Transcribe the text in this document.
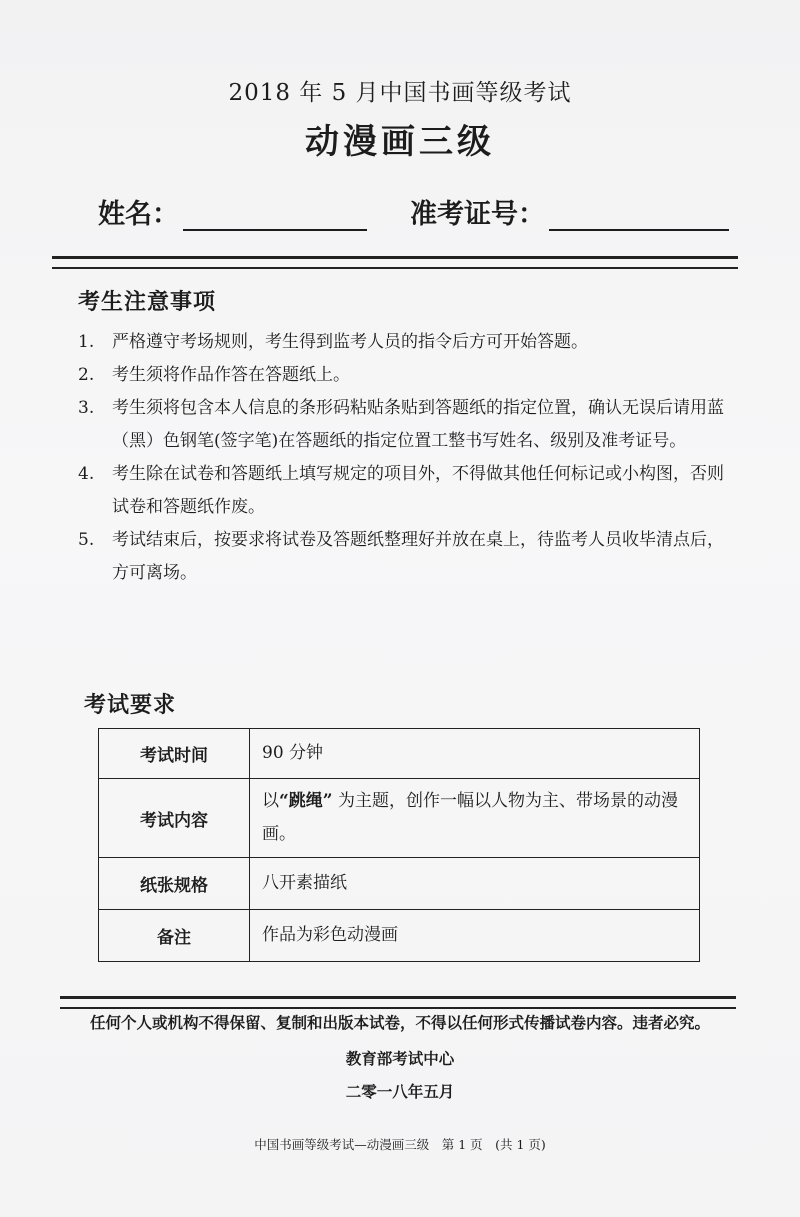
2018 年 5 月中国书画等级考试
动漫画三级
姓名：	准考证号：
考生注意事项
1.	严格遵守考场规则，考生得到监考人员的指令后方可开始答题。
2.	考生须将作品作答在答题纸上。
3.	考生须将包含本人信息的条形码粘贴条贴到答题纸的指定位置，确认无误后请用蓝（黑）色钢笔(签字笔)在答题纸的指定位置工整书写姓名、级别及准考证号。
4.	考生除在试卷和答题纸上填写规定的项目外，不得做其他任何标记或小构图，否则试卷和答题纸作废。
5.	考试结束后，按要求将试卷及答题纸整理好并放在桌上，待监考人员收毕清点后，方可离场。
考试要求
考试时间	90 分钟
考试内容	以“跳绳” 为主题，创作一幅以人物为主、带场景的动漫画。
纸张规格	八开素描纸
备注	作品为彩色动漫画
任何个人或机构不得保留、复制和出版本试卷，不得以任何形式传播试卷内容。违者必究。
教育部考试中心
二零一八年五月
中国书画等级考试—动漫画三级　第 1 页　(共 1 页)
